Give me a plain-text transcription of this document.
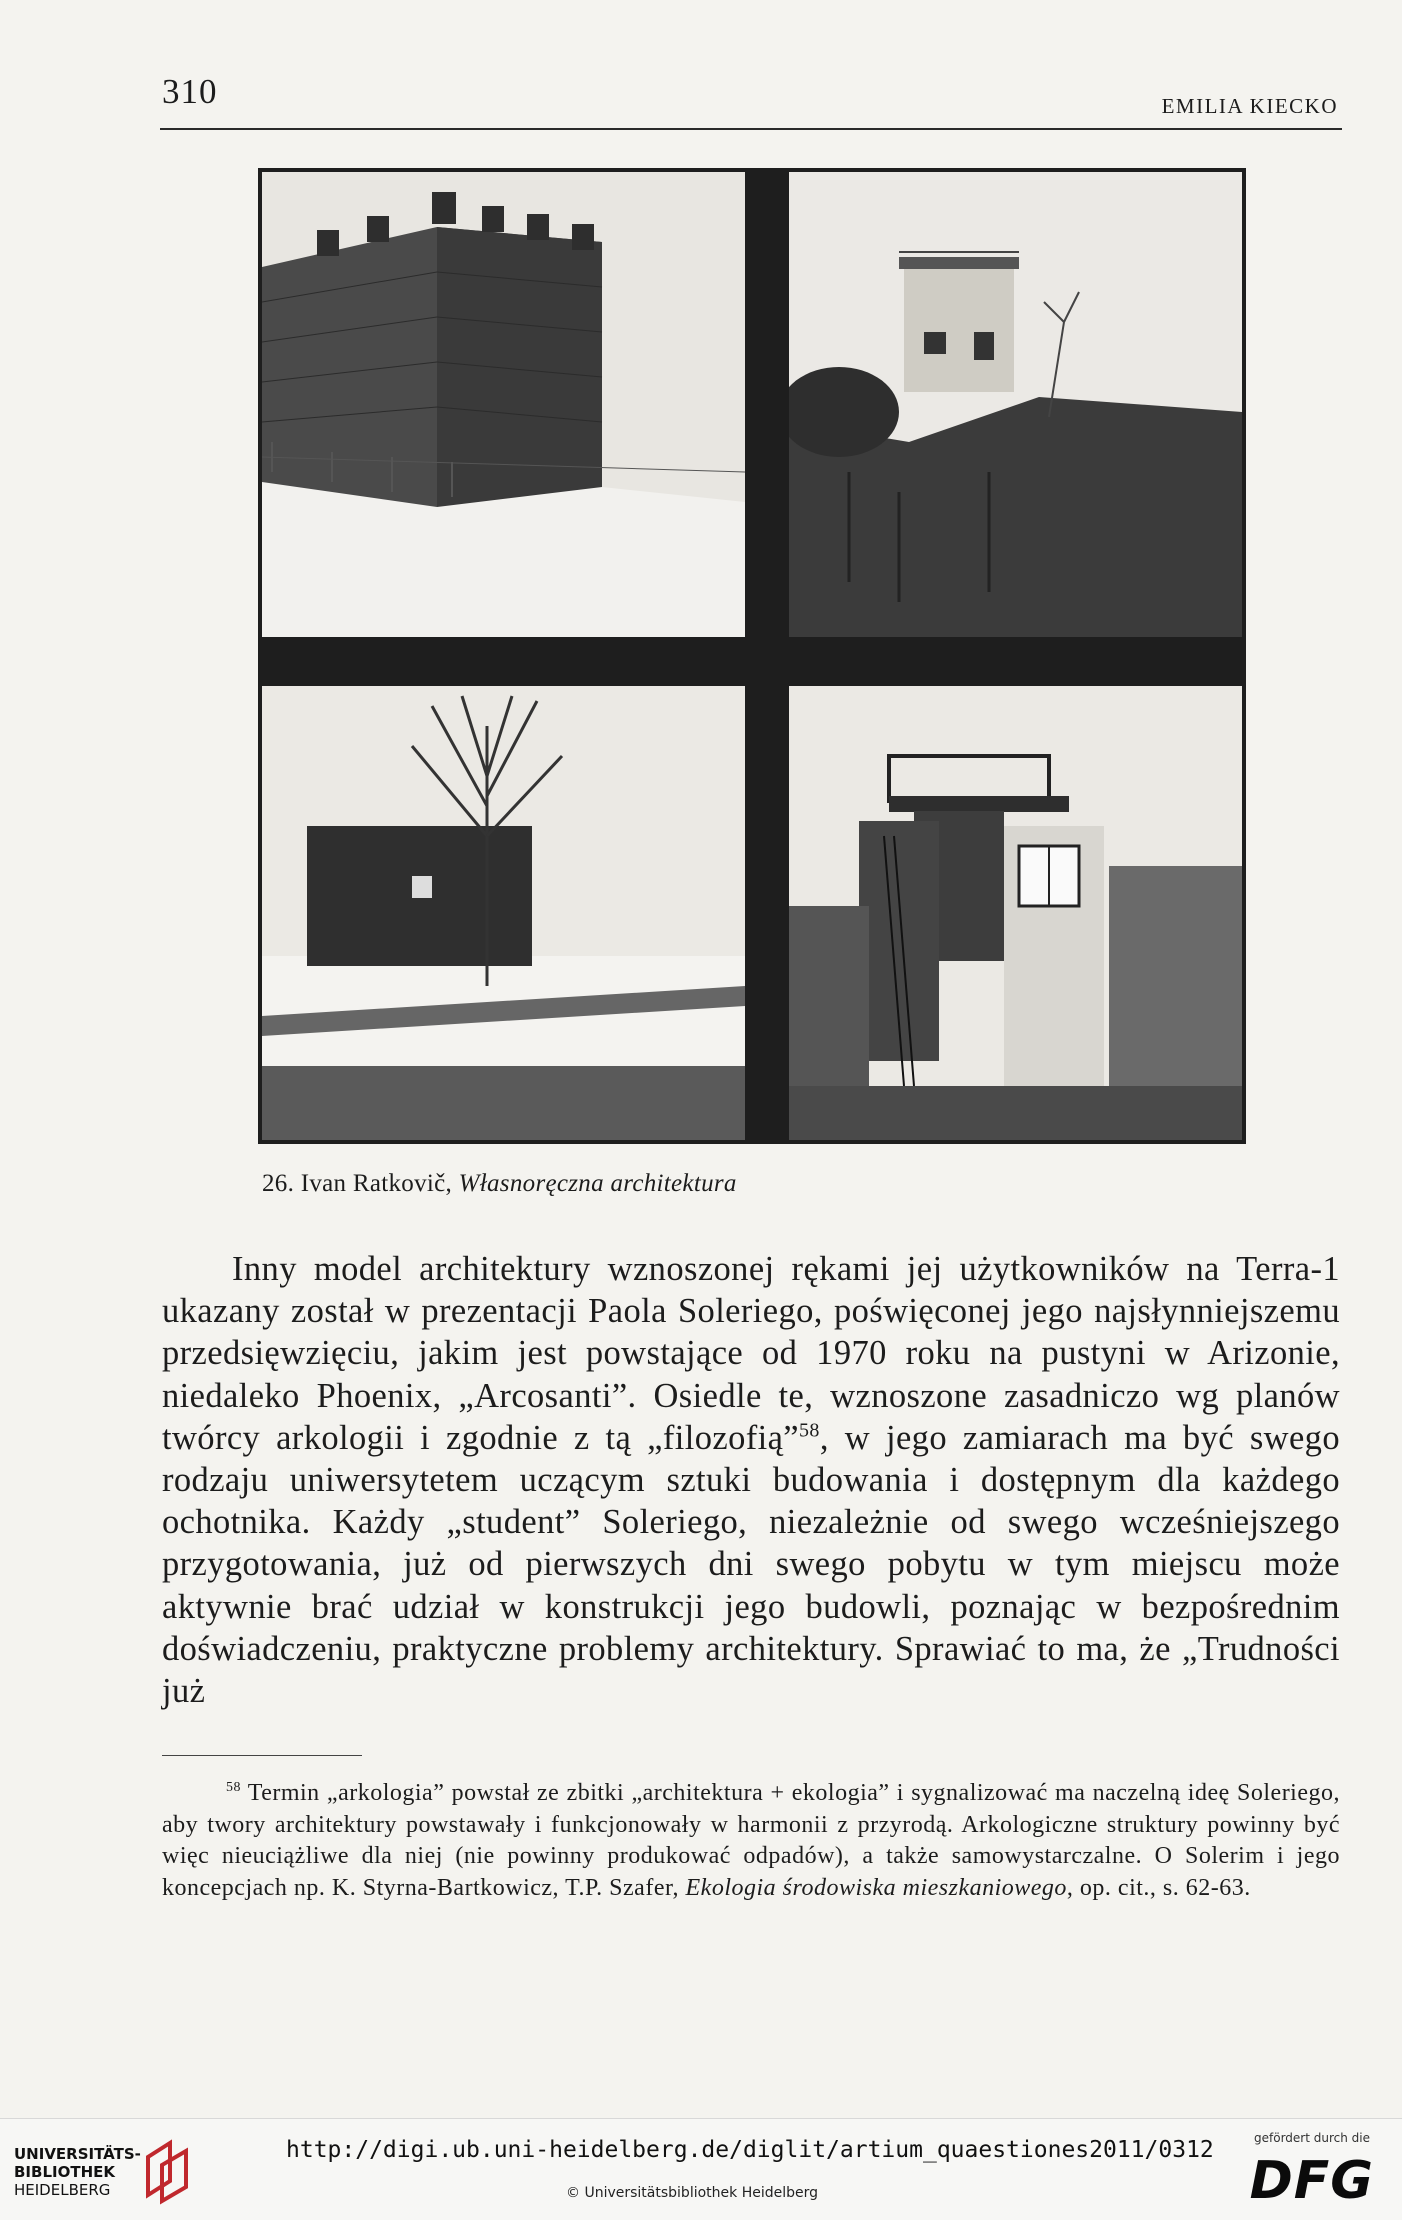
310	EMILIA KIECKO
26. Ivan Ratkovič, Własnoręczna architektura

Inny model architektury wznoszonej rękami jej użytkowników na Terra-1 ukazany został w prezentacji Paola Soleriego, poświęconej jego najsłynniejszemu przedsięwzięciu, jakim jest powstające od 1970 roku na pustyni w Arizonie, niedaleko Phoenix, „Arcosanti”. Osiedle te, wznoszone zasadniczo wg planów twórcy arkologii i zgodnie z tą „filozofią”$^{58}$, w jego zamiarach ma być swego rodzaju uniwersytetem uczącym sztuki budowania i dostępnym dla każdego ochotnika. Każdy „student” Soleriego, niezależnie od swego wcześniejszego przygotowania, już od pierwszych dni swego pobytu w tym miejscu może aktywnie brać udział w konstrukcji jego budowli, poznając w bezpośrednim doświadczeniu, praktyczne problemy architektury. Sprawiać to ma, że „Trudności już

$^{58}$ Termin „arkologia” powstał ze zbitki „architektura + ekologia” i sygnalizować ma naczelną ideę Soleriego, aby twory architektury powstawały i funkcjonowały w harmonii z przyrodą. Arkologiczne struktury powinny być więc nieuciążliwe dla niej (nie powinny produkować odpadów), a także samowystarczalne. O Solerim i jego koncepcjach np. K. Styrna-Bartkowicz, T.P. Szafer, Ekologia środowiska mieszkaniowego, op. cit., s. 62-63.

UNIVERSITÄTS-
BIBLIOTHEK
HEIDELBERG
http://digi.ub.uni-heidelberg.de/diglit/artium_quaestiones2011/0312
© Universitätsbibliothek Heidelberg
gefördert durch die
DFG
